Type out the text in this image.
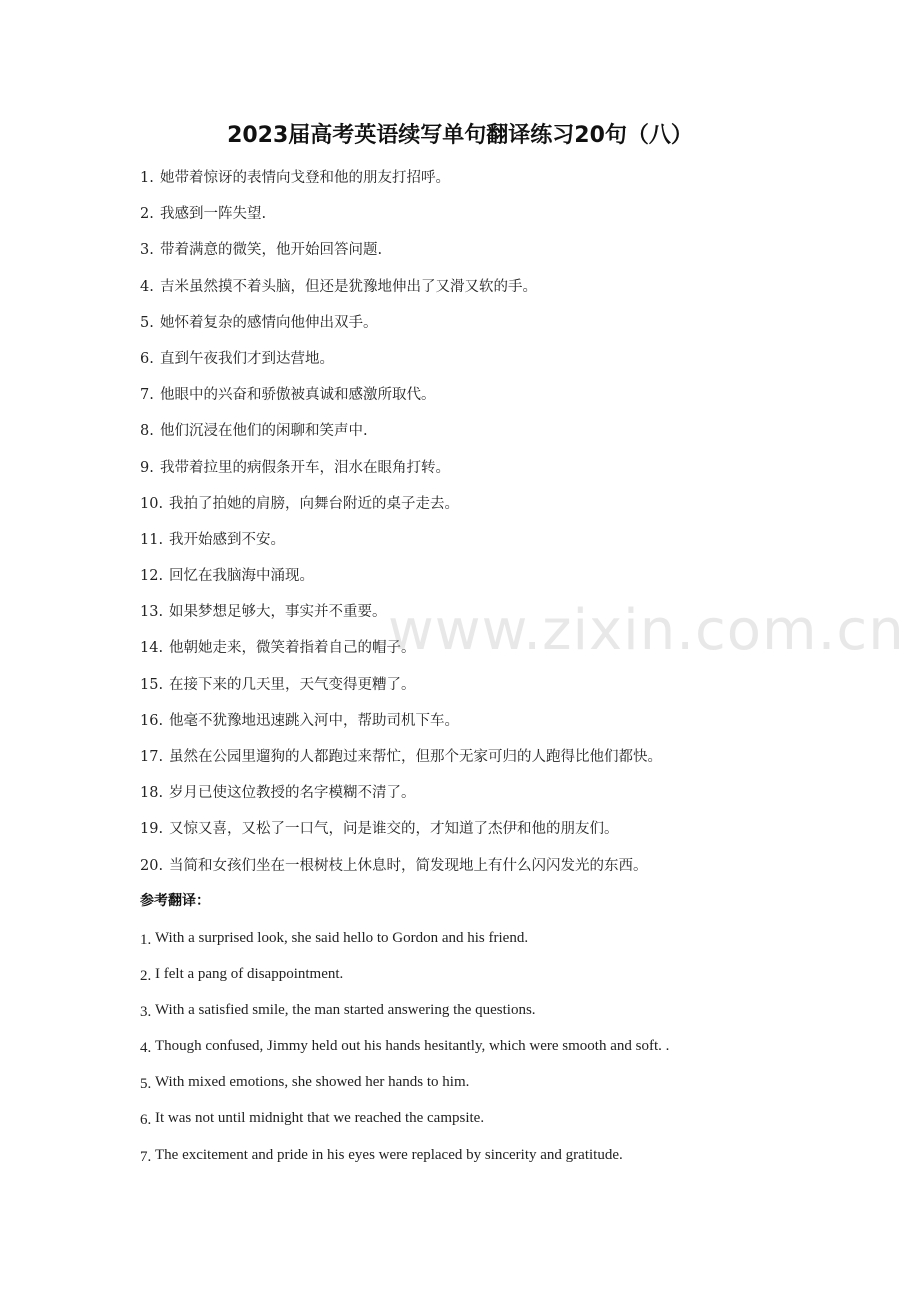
2023届高考英语续写单句翻译练习20句（八）
1. 她带着惊讶的表情向戈登和他的朋友打招呼。
2. 我感到一阵失望.
3. 带着满意的微笑，他开始回答问题.
4. 吉米虽然摸不着头脑，但还是犹豫地伸出了又滑又软的手。
5. 她怀着复杂的感情向他伸出双手。
6. 直到午夜我们才到达营地。
7. 他眼中的兴奋和骄傲被真诚和感激所取代。
8. 他们沉浸在他们的闲聊和笑声中.
9. 我带着拉里的病假条开车，泪水在眼角打转。
10. 我拍了拍她的肩膀，向舞台附近的桌子走去。
11. 我开始感到不安。
12. 回忆在我脑海中涌现。
13. 如果梦想足够大，事实并不重要。
14. 他朝她走来，微笑着指着自己的帽子。
15. 在接下来的几天里，天气变得更糟了。
16. 他毫不犹豫地迅速跳入河中，帮助司机下车。
17. 虽然在公园里遛狗的人都跑过来帮忙，但那个无家可归的人跑得比他们都快。
18. 岁月已使这位教授的名字模糊不清了。
19. 又惊又喜，又松了一口气，问是谁交的，才知道了杰伊和他的朋友们。
20. 当简和女孩们坐在一根树枝上休息时，简发现地上有什么闪闪发光的东西。
参考翻译：
1. With a surprised look, she said hello to Gordon and his friend.
2. I felt a pang of disappointment.
3. With a satisfied smile, the man started answering the questions.
4. Though confused, Jimmy held out his hands hesitantly, which were smooth and soft. .
5. With mixed emotions, she showed her hands to him.
6. It was not until midnight that we reached the campsite.
7. The excitement and pride in his eyes were replaced by sincerity and gratitude.
www.zixin.com.cn
